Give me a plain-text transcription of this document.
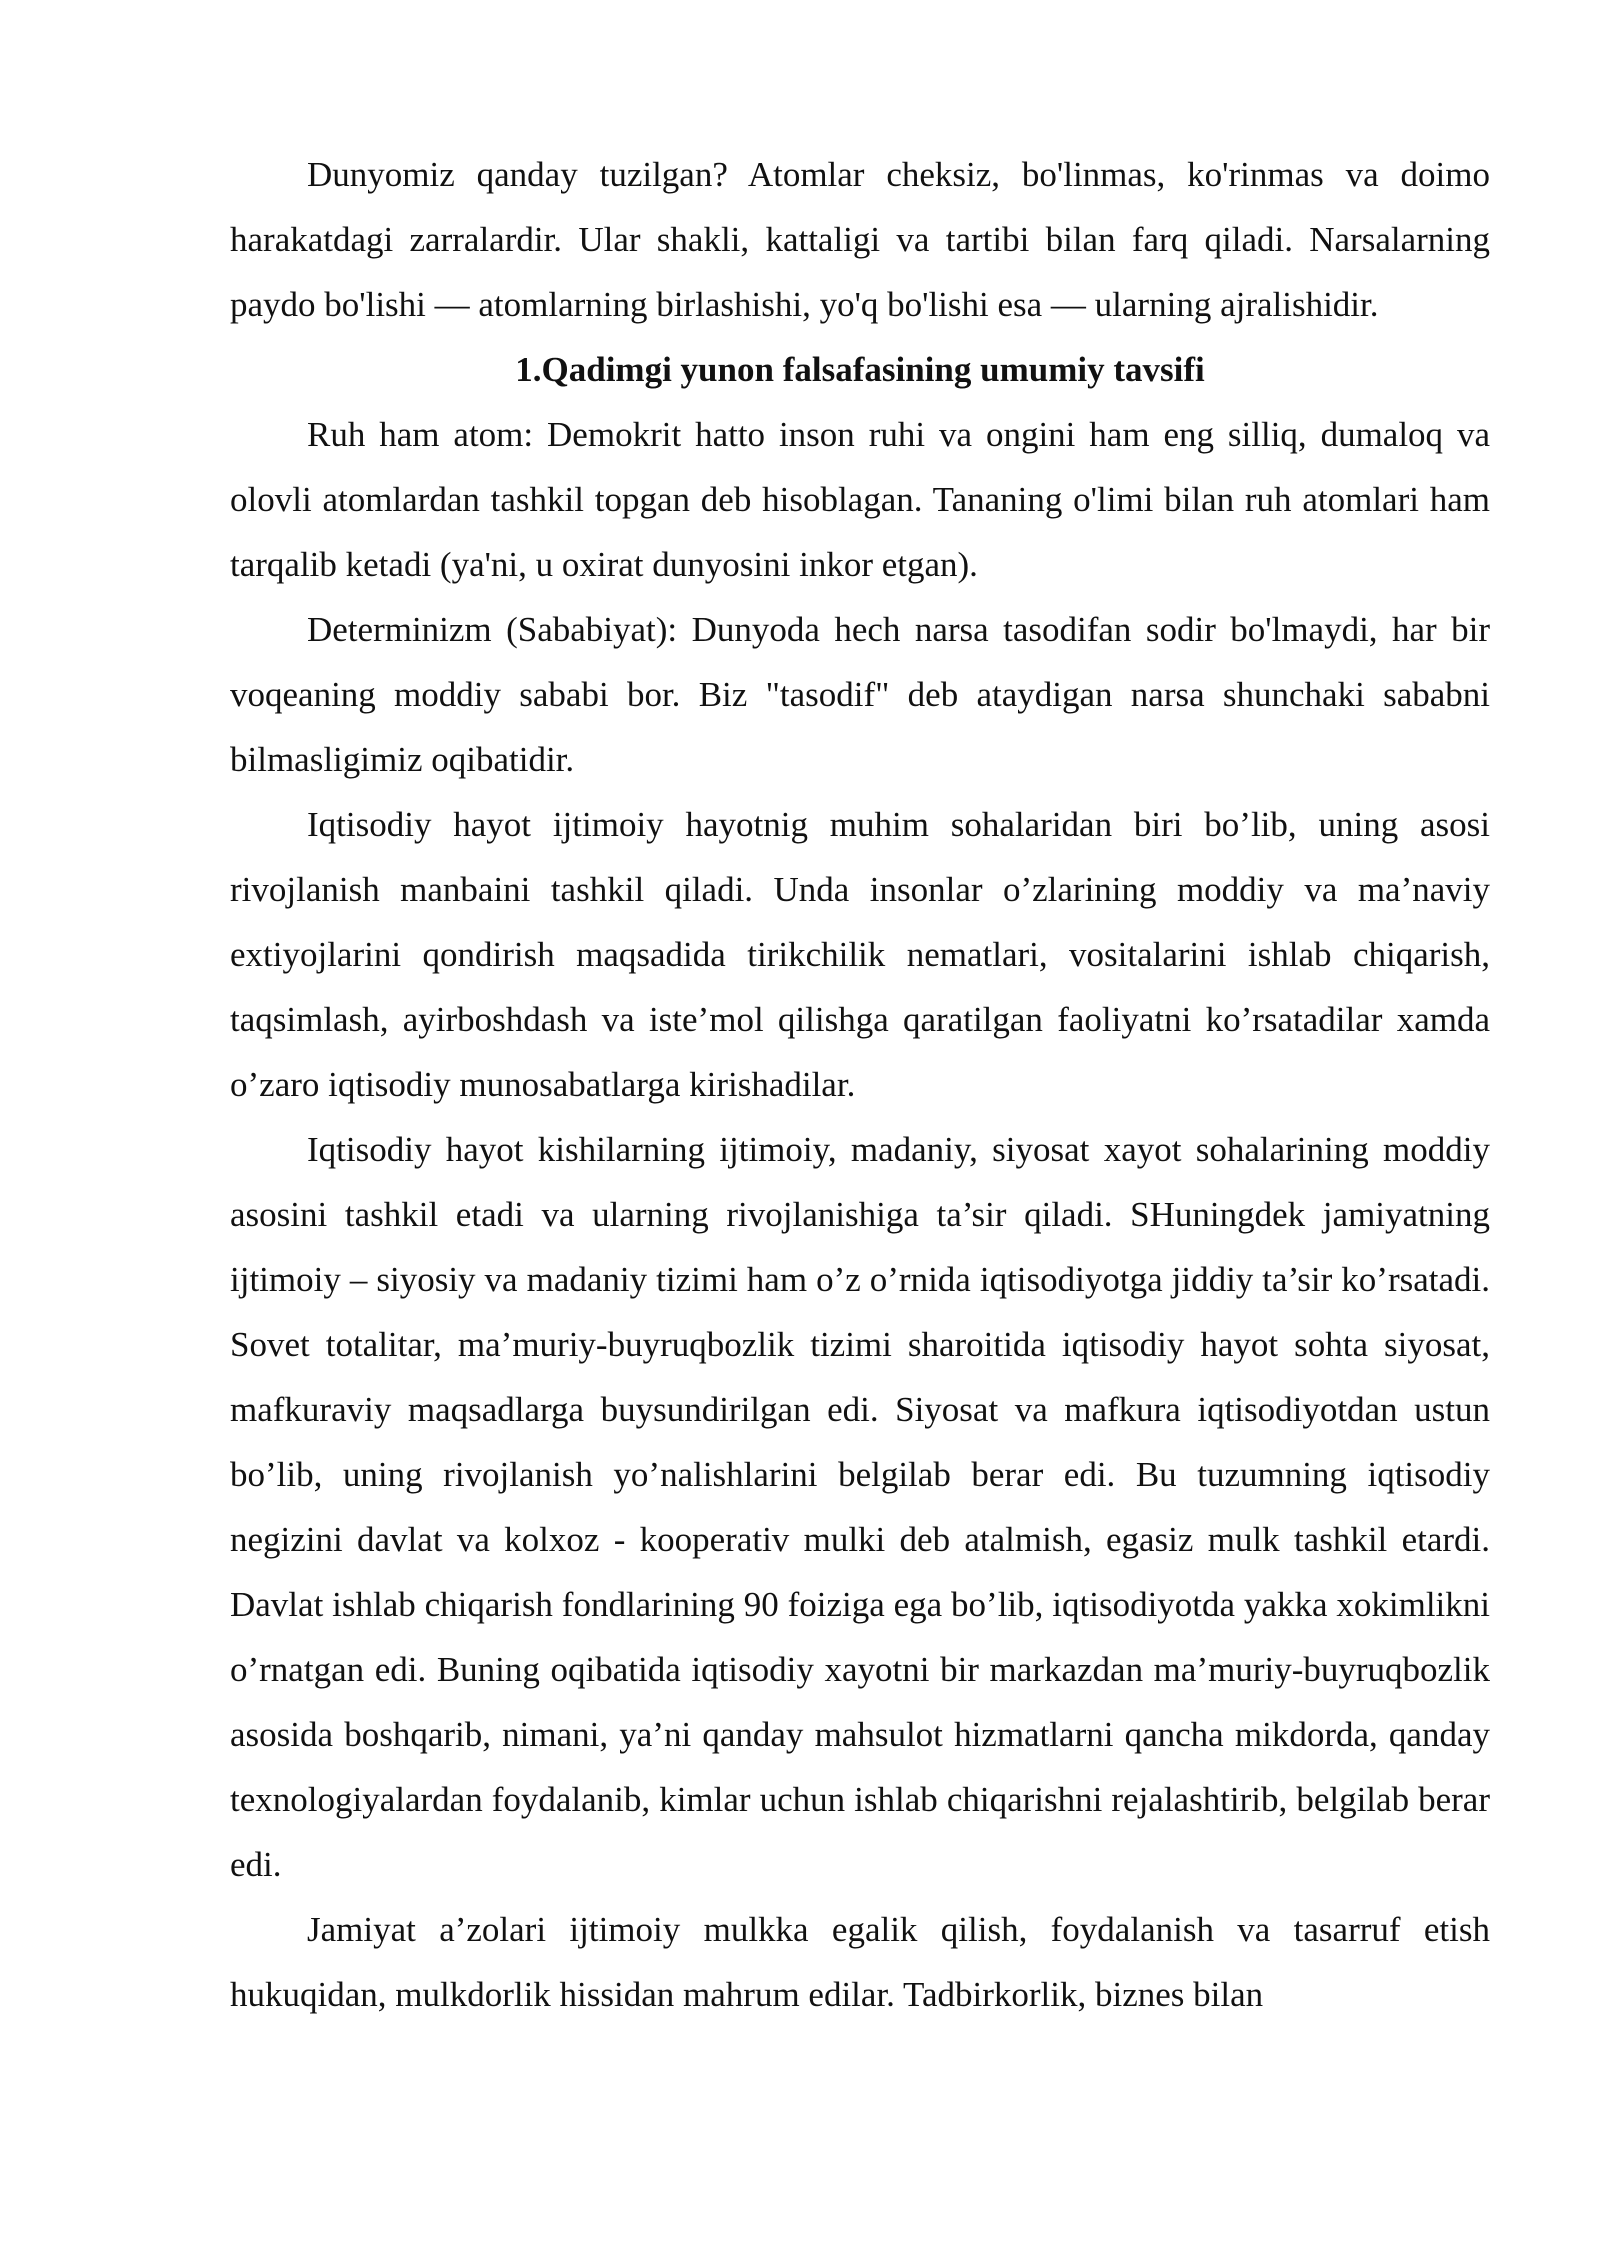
Dunyomiz qanday tuzilgan? Atomlar cheksiz, bo'linmas, ko'rinmas va doimo harakatdagi zarralardir. Ular shakli, kattaligi va tartibi bilan farq qiladi. Narsalarning paydo bo'lishi — atomlarning birlashishi, yo'q bo'lishi esa — ularning ajralishidir.

1.Qadimgi yunon falsafasining umumiy tavsifi

Ruh ham atom: Demokrit hatto inson ruhi va ongini ham eng silliq, dumaloq va olovli atomlardan tashkil topgan deb hisoblagan. Tananing o'limi bilan ruh atomlari ham tarqalib ketadi (ya'ni, u oxirat dunyosini inkor etgan).

Determinizm (Sababiyat): Dunyoda hech narsa tasodifan sodir bo'lmaydi, har bir voqeaning moddiy sababi bor. Biz "tasodif" deb ataydigan narsa shunchaki sababni bilmasligimiz oqibatidir.

Iqtisodiy hayot ijtimoiy hayotnig muhim sohalaridan biri bo’lib, uning asosi rivojlanish manbaini tashkil qiladi. Unda insonlar o’zlarining moddiy va ma’naviy extiyojlarini qondirish maqsadida tirikchilik nematlari, vositalarini ishlab chiqarish, taqsimlash, ayirboshdash va iste’mol qilishga qaratilgan faoliyatni ko’rsatadilar xamda o’zaro iqtisodiy munosabatlarga kirishadilar.

Iqtisodiy hayot kishilarning ijtimoiy, madaniy, siyosat xayot sohalarining moddiy asosini tashkil etadi va ularning rivojlanishiga ta’sir qiladi. SHuningdek jamiyatning ijtimoiy – siyosiy va madaniy tizimi ham o’z o’rnida iqtisodiyotga jiddiy ta’sir ko’rsatadi. Sovet totalitar, ma’muriy-buyruqbozlik tizimi sharoitida iqtisodiy hayot sohta siyosat, mafkuraviy maqsadlarga buysundirilgan edi. Siyosat va mafkura iqtisodiyotdan ustun bo’lib, uning rivojlanish yo’nalishlarini belgilab berar edi. Bu tuzumning iqtisodiy negizini davlat va kolxoz - kooperativ mulki deb atalmish, egasiz mulk tashkil etardi. Davlat ishlab chiqarish fondlarining 90 foiziga ega bo’lib, iqtisodiyotda yakka xokimlikni o’rnatgan edi. Buning oqibatida iqtisodiy xayotni bir markazdan ma’muriy-buyruqbozlik asosida boshqarib, nimani, ya’ni qanday mahsulot hizmatlarni qancha mikdorda, qanday texnologiyalardan foydalanib, kimlar uchun ishlab chiqarishni rejalashtirib, belgilab berar edi.

Jamiyat a’zolari ijtimoiy mulkka egalik qilish, foydalanish va tasarruf etish hukuqidan, mulkdorlik hissidan mahrum edilar. Tadbirkorlik, biznes bilan
